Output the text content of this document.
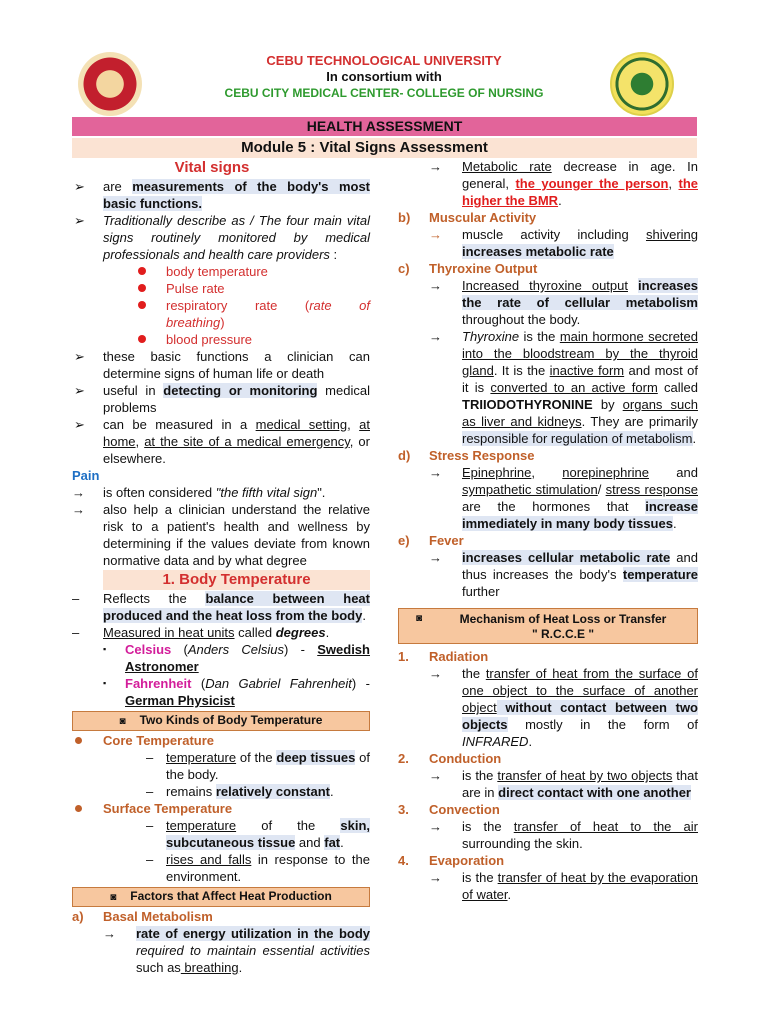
CEBU TECHNOLOGICAL UNIVERSITY
In consortium with
CEBU CITY MEDICAL CENTER- COLLEGE OF NURSING
HEALTH ASSESSMENT
Module 5 : Vital Signs Assessment
Vital signs
➢ are measurements of the body's most basic functions.
➢ Traditionally describe as / The four main vital signs routinely monitored by medical professionals and health care providers :
body temperature
Pulse rate
respiratory rate (rate of breathing)
blood pressure
➢ these basic functions a clinician can determine signs of human life or death
➢ useful in detecting or monitoring medical problems
➢ can be measured in a medical setting, at home, at the site of a medical emergency, or elsewhere.
Pain
→ is often considered "the fifth vital sign".
→ also help a clinician understand the relative risk to a patient's health and wellness by determining if the values deviate from known normative data and by what degree
1. Body Temperature
– Reflects the balance between heat produced and the heat loss from the body.
– Measured in heat units called degrees.
▪ Celsius (Anders Celsius) - Swedish Astronomer
▪ Fahrenheit (Dan Gabriel Fahrenheit) - German Physicist
◙ Two Kinds of Body Temperature
Core Temperature
– temperature of the deep tissues of the body.
– remains relatively constant.
Surface Temperature
– temperature of the skin, subcutaneous tissue and fat.
– rises and falls in response to the environment.
◙ Factors that Affect Heat Production
a) Basal Metabolism
→ rate of energy utilization in the body required to maintain essential activities such as breathing.
→ Metabolic rate decrease in age. In general, the younger the person, the higher the BMR.
b) Muscular Activity
→ muscle activity including shivering increases metabolic rate
c) Thyroxine Output
→ Increased thyroxine output increases the rate of cellular metabolism throughout the body.
→ Thyroxine is the main hormone secreted into the bloodstream by the thyroid gland. It is the inactive form and most of it is converted to an active form called TRIIODOTHYRONINE by organs such as liver and kidneys. They are primarily responsible for regulation of metabolism.
d) Stress Response
→ Epinephrine, norepinephrine and sympathetic stimulation/ stress response are the hormones that increase immediately in many body tissues.
e) Fever
→ increases cellular metabolic rate and thus increases the body's temperature further
◙	Mechanism of Heat Loss or Transfer
" R.C.C.E "
1. Radiation
→ the transfer of heat from the surface of one object to the surface of another object without contact between two objects mostly in the form of INFRARED.
2. Conduction
→ is the transfer of heat by two objects that are in direct contact with one another
3. Convection
→ is the transfer of heat to the air surrounding the skin.
4. Evaporation
→ is the transfer of heat by the evaporation of water.
